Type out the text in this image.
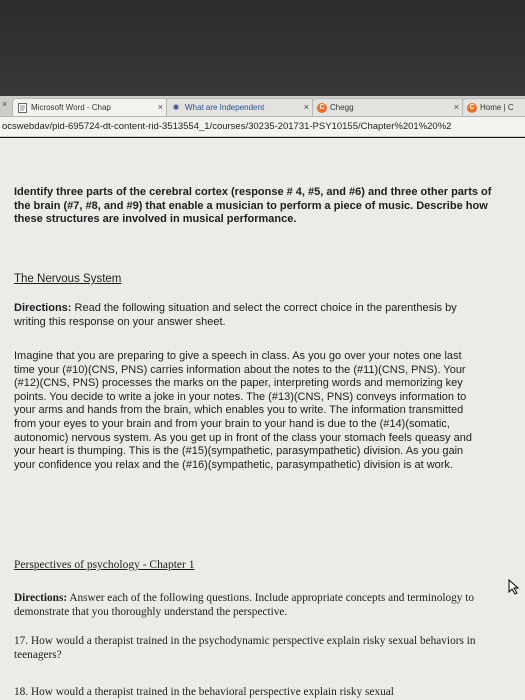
×	Microsoft Word - Chap	× ✱ What are Independent	×	C Chegg	×	C Home | C
ocswebdav/pid-695724-dt-content-rid-3513554_1/courses/30235-201731-PSY10155/Chapter%201%20%2
Identify three parts of the cerebral cortex (response # 4, #5, and #6) and three other parts of the brain (#7, #8, and #9) that enable a musician to perform a piece of music. Describe how these structures are involved in musical performance.
The Nervous System
Directions: Read the following situation and select the correct choice in the parenthesis by writing this response on your answer sheet.
Imagine that you are preparing to give a speech in class. As you go over your notes one last time your (#10)(CNS, PNS) carries information about the notes to the (#11)(CNS, PNS). Your (#12)(CNS, PNS) processes the marks on the paper, interpreting words and memorizing key points. You decide to write a joke in your notes. The (#13)(CNS, PNS) conveys information to your arms and hands from the brain, which enables you to write. The information transmitted from your eyes to your brain and from your brain to your hand is due to the (#14)(somatic, autonomic) nervous system. As you get up in front of the class your stomach feels queasy and your heart is thumping. This is the (#15)(sympathetic, parasympathetic) division. As you gain your confidence you relax and the (#16)(sympathetic, parasympathetic) division is at work.
Perspectives of psychology - Chapter 1
Directions: Answer each of the following questions. Include appropriate concepts and terminology to demonstrate that you thoroughly understand the perspective.
17. How would a therapist trained in the psychodynamic perspective explain risky sexual behaviors in teenagers?
18. How would a therapist trained in the behavioral perspective explain risky sexual
